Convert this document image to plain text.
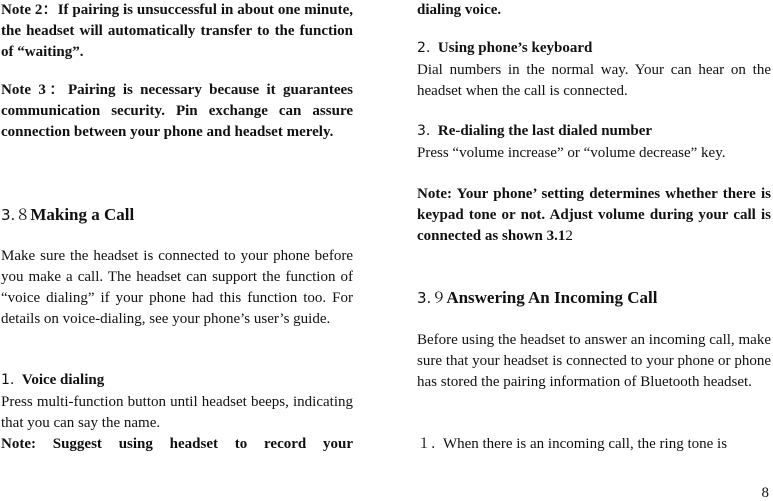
Note 2：If pairing is unsuccessful in about one minute, the headset will automatically transfer to the function of “waiting”.

Note 3：Pairing is necessary because it guarantees communication security. Pin exchange can assure connection between your phone and headset merely.

3.８Making a Call

Make sure the headset is connected to your phone before you make a call. The headset can support the function of “voice dialing” if your phone had this function too. For details on voice-dialing, see your phone’s user’s guide.

1. Voice dialing

Press multi-function button until headset beeps, indicating that you can say the name.

Note: Suggest using headset to record your

dialing voice.

2. Using phone’s keyboard

Dial numbers in the normal way. Your can hear on the headset when the call is connected.

3. Re-dialing the last dialed number

Press “volume increase” or “volume decrease” key.

Note: Your phone’ setting determines whether there is keypad tone or not. Adjust volume during your call is connected as shown 3.12

3.９Answering An Incoming Call

Before using the headset to answer an incoming call, make sure that your headset is connected to your phone or phone has stored the pairing information of Bluetooth headset.

１. When there is an incoming call, the ring tone is

8
